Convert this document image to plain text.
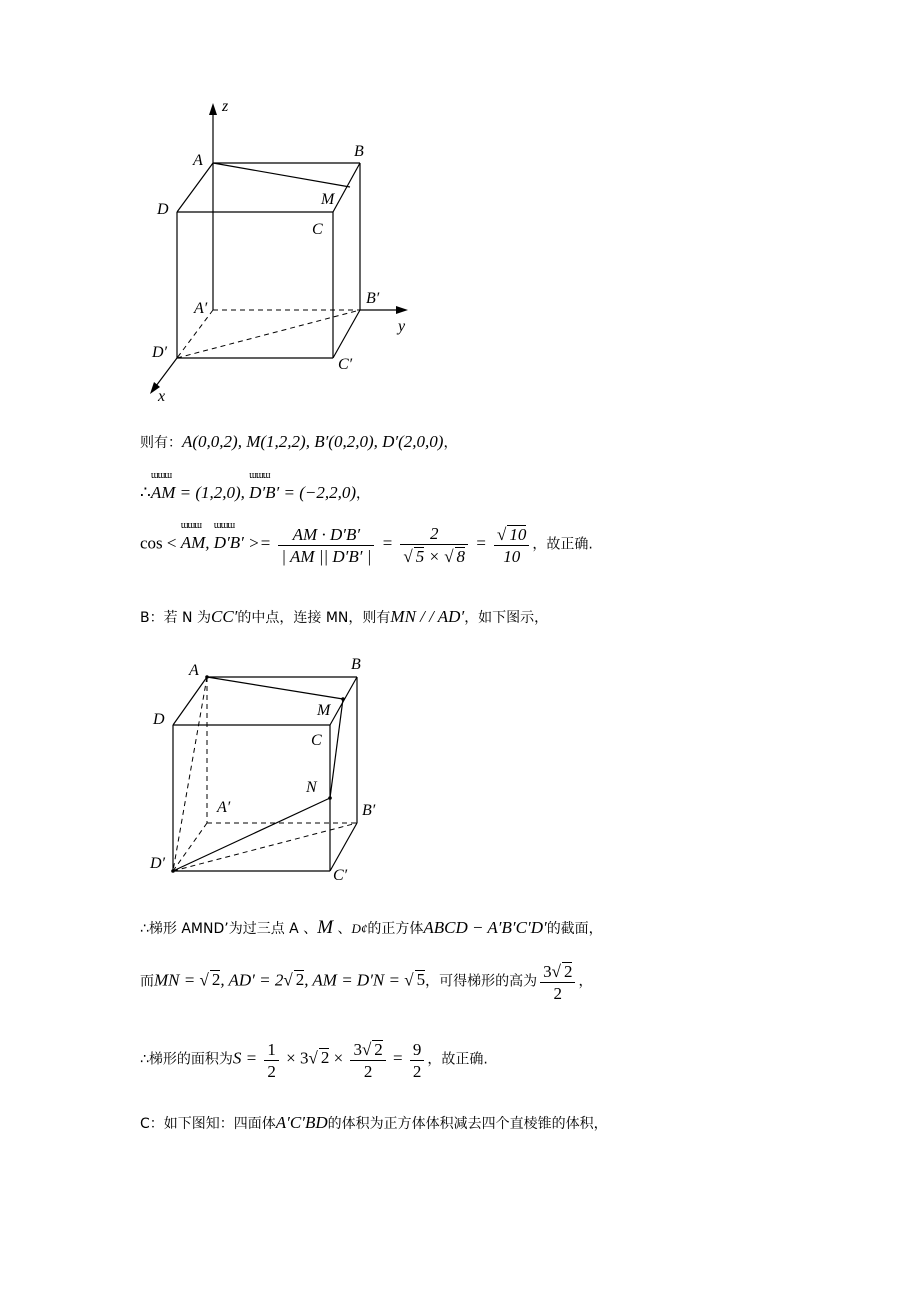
z
A
B
M
D
C
A′
B′
y
D′
C′
x
则有：A(0,0,2), M(1,2,2), B′(0,2,0), D′(2,0,0)，
∴ɯɯɯ AM = (1,2,0), ɯɯɯ D′B′ = (−2,2,0)，
cos < ɯɯɯ AM, ɯɯɯ $D'B' >= \frac{AM \cdot D'B'}{| AM || D'B' |} = \frac{2}{√ 5 \times √ 8} = \frac{√ 10}{10}$ ，故正确.
B：若 N 为CC′的中点，连接 MN，则有MN / / AD′，如下图示，
A	B
D
M
C
N
A′	B′
D′
C′
∴梯形 AMND’为过三点 A 、M 、D¢的正方体ABCD − A′B′C′D′的截面，
而MN = √ 2, AD′ = 2√ 2, AM = D′N = √ 5，可得梯形的高为 $\frac{3√ 2}{2}$ ，
∴梯形的面积为$S = \frac{1}{2} \times 3√$ $2 \times \frac{3√ 2}{2} = \frac{9}{2}$ ，故正确.
C：如下图知：四面体A′C′BD的体积为正方体体积减去四个直棱锥的体积，
